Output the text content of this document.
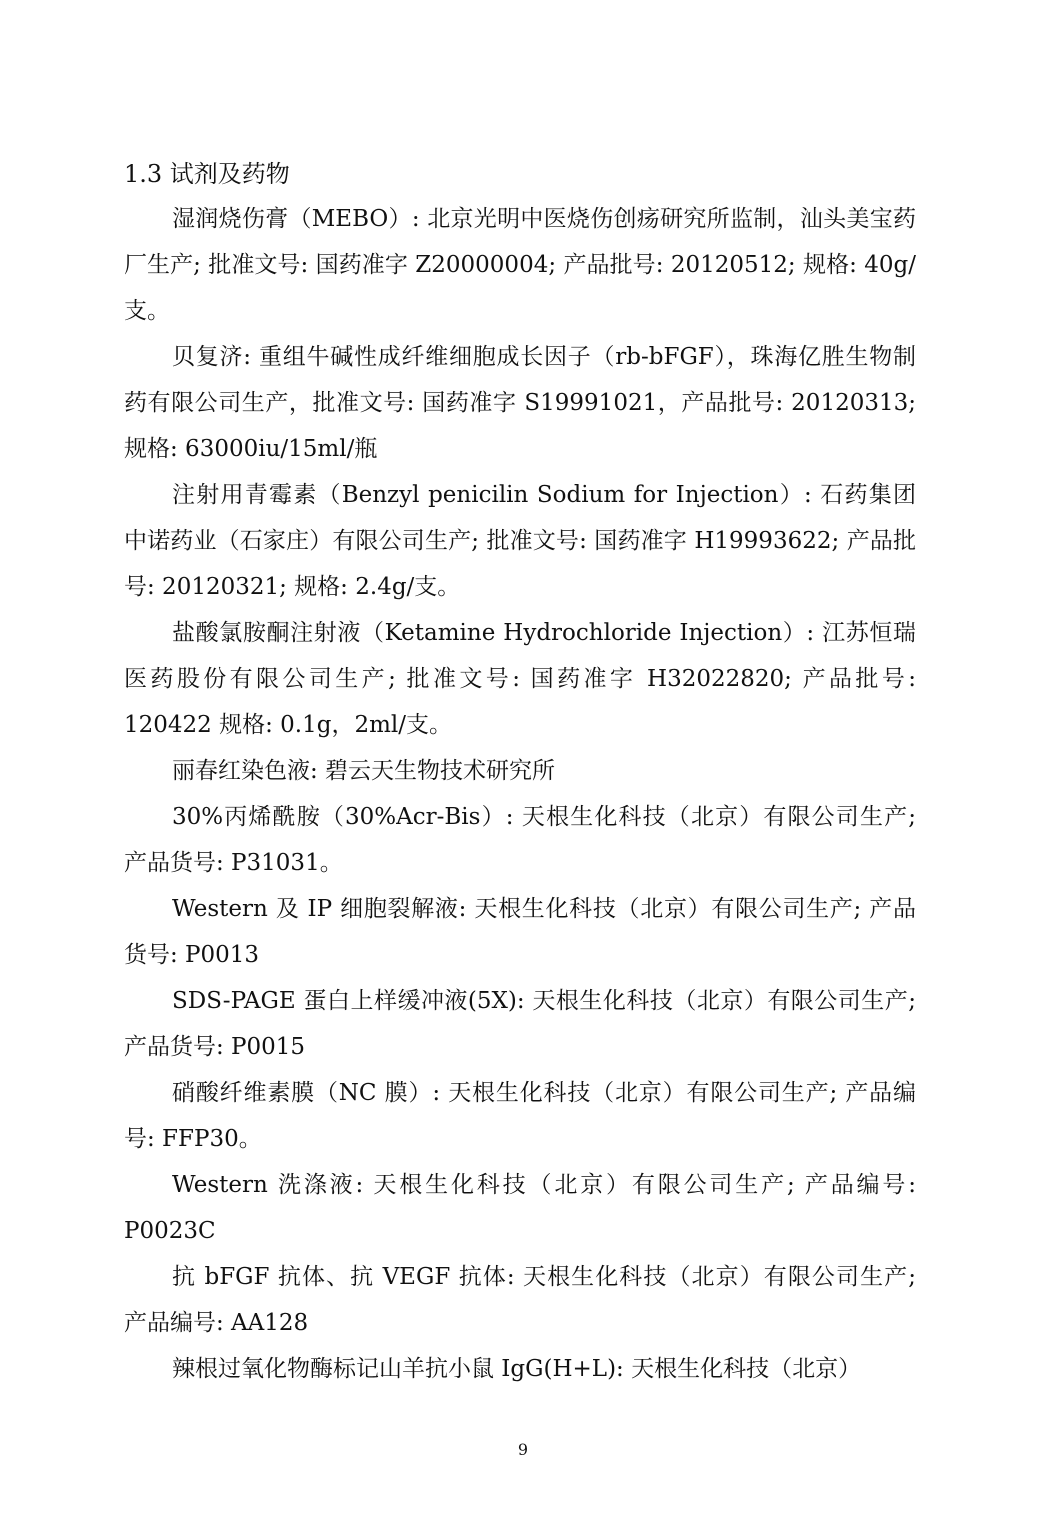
1.3 试剂及药物

湿润烧伤膏（MEBO）: 北京光明中医烧伤创疡研究所监制，汕头美宝药厂生产; 批准文号: 国药准字 Z20000004; 产品批号: 20120512; 规格: 40g/支。

贝复济: 重组牛碱性成纤维细胞成长因子（rb-bFGF），珠海亿胜生物制药有限公司生产，批准文号: 国药准字 S19991021，产品批号: 20120313; 规格: 63000iu/15ml/瓶

注射用青霉素（Benzyl penicilin Sodium for Injection）: 石药集团中诺药业（石家庄）有限公司生产; 批准文号: 国药准字 H19993622; 产品批号: 20120321; 规格: 2.4g/支。

盐酸氯胺酮注射液（Ketamine Hydrochloride Injection）: 江苏恒瑞医药股份有限公司生产; 批准文号: 国药准字 H32022820; 产品批号: 120422 规格: 0.1g，2ml/支。

丽春红染色液: 碧云天生物技术研究所

30%丙烯酰胺（30%Acr-Bis）: 天根生化科技（北京）有限公司生产; 产品货号: P31031。

Western 及 IP 细胞裂解液: 天根生化科技（北京）有限公司生产; 产品货号: P0013

SDS-PAGE 蛋白上样缓冲液(5X): 天根生化科技（北京）有限公司生产; 产品货号: P0015

硝酸纤维素膜（NC 膜）: 天根生化科技（北京）有限公司生产; 产品编号: FFP30。

Western 洗涤液: 天根生化科技（北京）有限公司生产; 产品编号: P0023C

抗 bFGF 抗体、抗 VEGF 抗体: 天根生化科技（北京）有限公司生产; 产品编号: AA128

辣根过氧化物酶标记山羊抗小鼠 IgG(H+L): 天根生化科技（北京）

9
